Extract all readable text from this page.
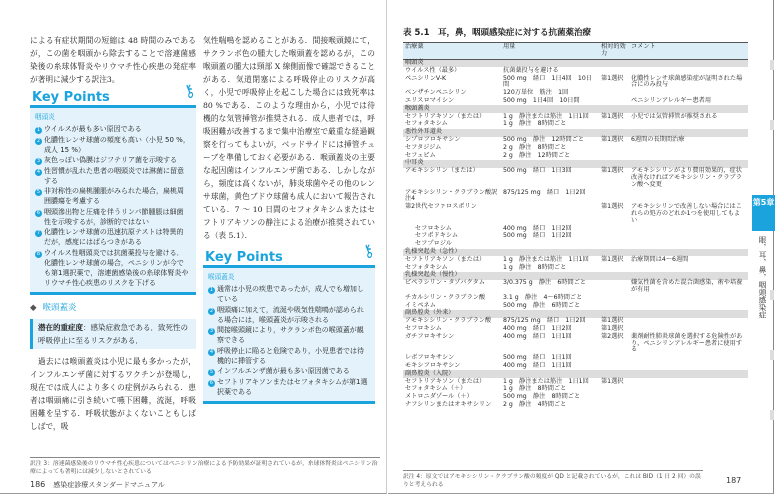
による有症状期間の短縮は 48 時間のみであるが，この菌を咽頭から除去することで溶連菌感染後の糸球体腎炎やリウマチ性心疾患の発症率が著明に減少する訳注3。

Key Points	⚷
咽頭炎
1 ウイルスが最も多い原因である
2 化膿性レンサ球菌の頻度も高い（小児 50 %，成人 15 %）
3 灰色っぽい偽膜はジフテリア菌を示唆する
4 性習慣が乱れた患者の咽頭炎では淋菌に留意する
5 非対称性の扁桃腫脹がみられた場合，扁桃周囲膿瘍を考慮する
6 咽頭滲出物と圧痛を伴うリンパ節腫脹は細菌性を示唆するが，診断的ではない
7 化膿性レンサ球菌の迅速抗原テストは特異的だが，感度にはばらつきがある
8 ウイルス性咽頭炎では抗菌薬投与を避ける．化膿性レンサ球菌の場合，ペニシリンが今でも第1選択薬で，溶連菌感染後の糸球体腎炎やリウマチ性心疾患のリスクを下げる
◆ 喉頭蓋炎
潜在的重症度：感染症救急である．致死性の呼吸停止に至るリスクがある．

過去には喉頭蓋炎は小児に最も多かったが，インフルエンザ菌に対するワクチンが登場し，現在では成人により多くの症例がみられる．患者は咽頭痛に引き続いて嚥下困難，流涎，呼吸困難を呈する．呼吸状態がよくないこともしばしばで，吸

気性喘鳴を認めることがある．間接喉頭鏡にて，サクランボ色の腫大した喉頭蓋を認めるが，この喉頭蓋の腫大は頸部 X 線側面像で確認できることがある．気道閉塞による呼吸停止のリスクが高く，小児で呼吸停止を起こした場合には致死率は 80 %である．このような理由から，小児では待機的な気管挿管が推奨される．成人患者では，呼吸困難が改善するまで集中治療室で厳重な経過観察を行ってもよいが，ベッドサイドには挿管チューブを準備しておく必要がある．喉頭蓋炎の主要な起因菌はインフルエンザ菌である．しかしながら，頻度は高くないが，肺炎球菌やその他のレンサ球菌，黄色ブドウ球菌も成人において報告されている．7 〜 10 日間のセフォタキシムまたはセフトリアキソンの静注による治療が推奨されている（表 5.1）．

Key Points	⚷
喉頭蓋炎
1 通常は小児の疾患であったが，成人でも増加している
2 咽頭痛に加えて，流涎や吸気性喘鳴が認められる場合には，喉頭蓋炎が示唆される
3 間接喉頭鏡により，サクランボ色の喉頭蓋が観察できる
4 呼吸停止に陥ると危険であり，小児患者では待機的に挿管する
5 インフルエンザ菌が最も多い原因菌である
6 セフトリアキソンまたはセフォタキシムが第1選択薬である

訳注 3：溶連菌感染後のリウマチ性心疾患についてはペニシリン治療による予防効果が証明されているが，糸球体腎炎はペニシリン治療によっても著明には減少しないとされている

186　 感染症診療スタンダードマニュアル
表 5.1　耳，鼻，咽頭感染症に対する抗菌薬治療
治療薬	用量	相対的効力	コメント
咽頭炎			
ウイルス性（最多）	抗菌薬投与を避ける		
ペニシリンV-K	500 mg　経口　1日4回　10日間	第1選択	化膿性レンサ球菌感染症が証明された場合にのみ投与
ベンザチンペニシリン	120万単位　筋注　1回		
エリスロマイシン	500 mg　1日4回　10日間		ペニシリンアレルギー患者用
喉頭蓋炎			
セフトリアキソン（または）	1 g　静注または筋注　1日1回	第1選択	小児では気管挿管が推奨される
セフォタキシム	1 g　静注　8時間ごと		
悪性外耳道炎			
シプロフロキサシン	500 mg　静注　12時間ごと	第1選択	6週間の長期間治療
セフタジジム	2 g　静注　8時間ごと		
セフェピム	2 g　静注　12時間ごと		
中耳炎			
アモキシシリン（または）	500 mg　経口　1日3回	第1選択	アモキシシリンがより費用効果的，症状改善なければアモキシシリン・クラブラン酸へ変更
アモキシシリン・クラブラン酸訳注4	875/125 mg　経口　1日2回		
第2世代セファロスポリン		第1選択	アモキシシリンで改善しない場合にはこれらの処方のどれか1つを使用してもよい
セフロキシム	400 mg　経口　1日2回		
セフポドキシム	500 mg　経口　1日2回		
セフプロジル			
乳様突起炎（急性）			
セフトリアキソン（または）	1 g　静注または筋注　1日1回	第1選択	治療期間は4〜6週間
セフォタキシム	1 g　静注　8時間ごと		
乳様突起炎（慢性）			
ピペラシリン・タゾバクタム	3/0.375 g　静注　6時間ごと		嫌気性菌を含めた混合菌感染，術や培養が有用
チカルシリン・クラブラン酸	3.1 g　静注　4〜6時間ごと		
イミペネム	500 mg　静注　6時間ごと		
副鼻腔炎（外来）			
アモキシシリン・クラブラン酸	875/125 mg　経口　1日2回	第1選択	
セフロキシム	400 mg　経口　1日2回	第1選択	
ガチフロキサシン	400 mg　経口　1日1回	第2選択	薬剤耐性肺炎球菌を選択する危険性があり，ペニシリンアレルギー患者に使用する
レボフロキサシン	500 mg　経口　1日1回		
モキシフロキサシン	400 mg　経口　1日1回		
副鼻腔炎（入院）			
セフトリアキソン（または）	1 g　静注または筋注　1日1回	第1選択	
セフォタキシム（＋）	1 g　静注　8時間ごと		
メトロニダゾール（＋）	500 mg　静注　8時間ごと		
ナフシリンまたはオキサシリン	2 g　静注　4時間ごと		

訳注 4：原文ではアモキシシリン・クラブラン酸の頻度が QD と記載されているが，これは BID（1 日 2 回）の誤りと考えられる	187
第5章
眼，耳，鼻，咽頭感染症
